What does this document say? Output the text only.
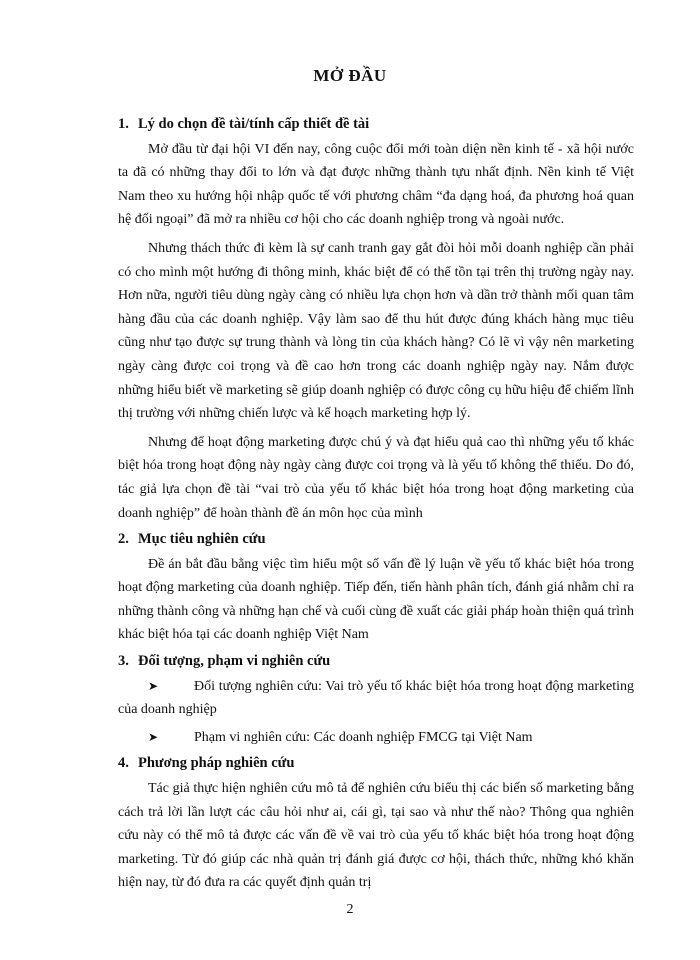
MỞ ĐẦU

1. Lý do chọn đề tài/tính cấp thiết đề tài

Mở đầu từ đại hội VI đến nay, công cuộc đổi mới toàn diện nền kinh tế - xã hội nước ta đã có những thay đổi to lớn và đạt được những thành tựu nhất định. Nền kinh tế Việt Nam theo xu hướng hội nhập quốc tế với phương châm “đa dạng hoá, đa phương hoá quan hệ đối ngoại” đã mở ra nhiều cơ hội cho các doanh nghiệp trong và ngoài nước.

Nhưng thách thức đi kèm là sự canh tranh gay gắt đòi hỏi mỗi doanh nghiệp cần phải có cho mình một hướng đi thông minh, khác biệt để có thể tồn tại trên thị trường ngày nay. Hơn nữa, người tiêu dùng ngày càng có nhiều lựa chọn hơn và dần trở thành mối quan tâm hàng đầu của các doanh nghiệp. Vậy làm sao để thu hút được đúng khách hàng mục tiêu cũng như tạo được sự trung thành và lòng tin của khách hàng? Có lẽ vì vậy nên marketing ngày càng được coi trọng và đề cao hơn trong các doanh nghiệp ngày nay. Nắm được những hiểu biết về marketing sẽ giúp doanh nghiệp có được công cụ hữu hiệu để chiếm lĩnh thị trường với những chiến lược và kế hoạch marketing hợp lý.

Nhưng để hoạt động marketing được chú ý và đạt hiểu quả cao thì những yếu tố khác biệt hóa trong hoạt động này ngày càng được coi trọng và là yếu tố không thể thiếu. Do đó, tác giả lựa chọn đề tài “vai trò của yếu tố khác biệt hóa trong hoạt động marketing của doanh nghiệp” để hoàn thành đề án môn học của mình

2. Mục tiêu nghiên cứu

Đề án bắt đầu bằng việc tìm hiểu một số vấn đề lý luận về yếu tố khác biệt hóa trong hoạt động marketing của doanh nghiệp. Tiếp đến, tiến hành phân tích, đánh giá nhằm chỉ ra những thành công và những hạn chế và cuối cùng đề xuất các giải pháp hoàn thiện quá trình khác biệt hóa tại các doanh nghiệp Việt Nam

3. Đối tượng, phạm vi nghiên cứu

➤	Đối tượng nghiên cứu: Vai trò yếu tố khác biệt hóa trong hoạt động marketing của doanh nghiệp

➤	Phạm vi nghiên cứu: Các doanh nghiệp FMCG tại Việt Nam

4. Phương pháp nghiên cứu

Tác giả thực hiện nghiên cứu mô tả để nghiên cứu biểu thị các biến số marketing bằng cách trả lời lần lượt các câu hỏi như ai, cái gì, tại sao và như thế nào? Thông qua nghiên cứu này có thể mô tả được các vấn đề về vai trò của yếu tố khác biệt hóa trong hoạt động marketing. Từ đó giúp các nhà quản trị đánh giá được cơ hội, thách thức, những khó khăn hiện nay, từ đó đưa ra các quyết định quản trị

2
